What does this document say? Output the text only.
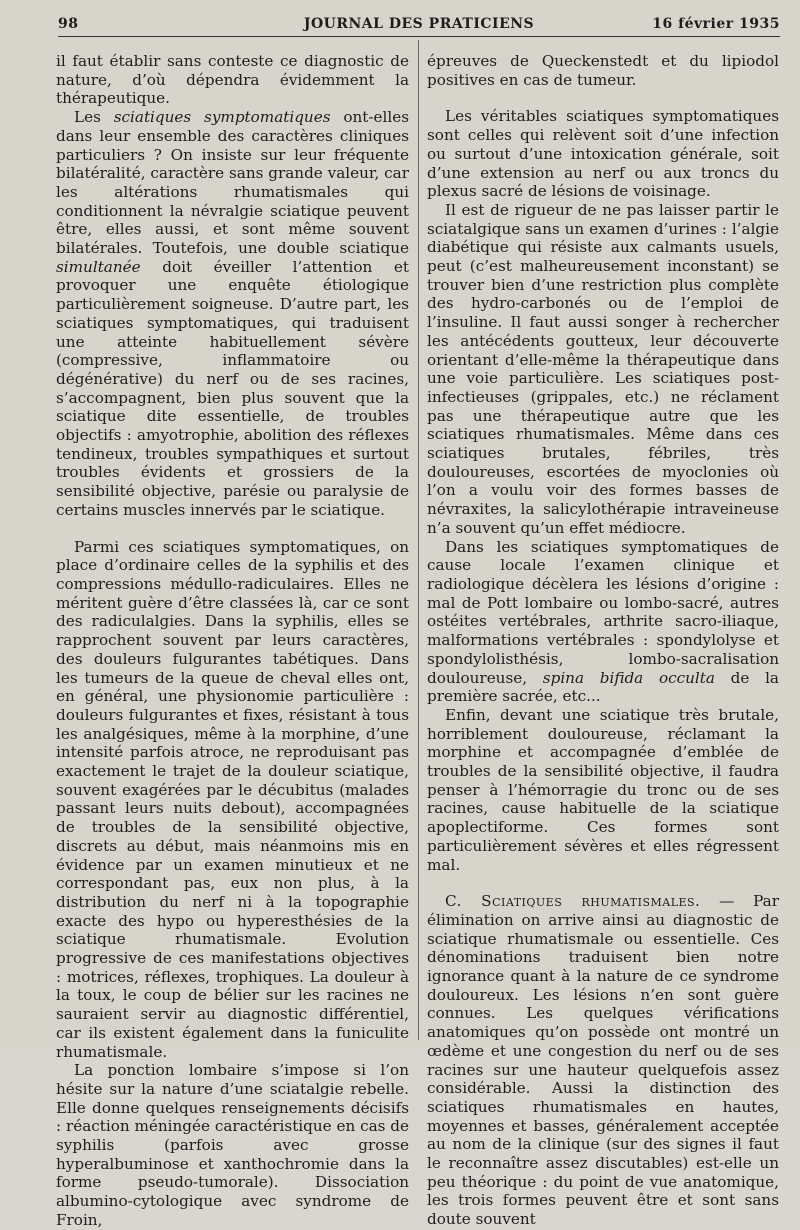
98	JOURNAL DES PRATICIENS	16 février 1935

il faut établir sans conteste ce diagnostic de nature, d’où dépendra évidemment la thérapeutique.

Les sciatiques symptomatiques ont-elles dans leur ensemble des caractères cliniques particuliers ? On insiste sur leur fréquente bilatéralité, caractère sans grande valeur, car les altérations rhumatismales qui conditionnent la névralgie sciatique peuvent être, elles aussi, et sont même souvent bilatérales. Toutefois, une double sciatique simultanée doit éveiller l’attention et provoquer une enquête étiologique particulièrement soigneuse. D’autre part, les sciatiques symptomatiques, qui traduisent une atteinte habituellement sévère (compressive, inflammatoire ou dégénérative) du nerf ou de ses racines, s’accompagnent, bien plus souvent que la sciatique dite essentielle, de troubles objectifs : amyotrophie, abolition des réflexes tendineux, troubles sympathiques et surtout troubles évidents et grossiers de la sensibilité objective, parésie ou paralysie de certains muscles innervés par le sciatique.

Parmi ces sciatiques symptomatiques, on place d’ordinaire celles de la syphilis et des compressions médullo-radiculaires. Elles ne méritent guère d’être classées là, car ce sont des radiculalgies. Dans la syphilis, elles se rapprochent souvent par leurs caractères, des douleurs fulgurantes tabétiques. Dans les tumeurs de la queue de cheval elles ont, en général, une physionomie particulière : douleurs fulgurantes et fixes, résistant à tous les analgésiques, même à la morphine, d’une intensité parfois atroce, ne reproduisant pas exactement le trajet de la douleur sciatique, souvent exagérées par le décubitus (malades passant leurs nuits debout), accompagnées de troubles de la sensibilité objective, discrets au début, mais néanmoins mis en évidence par un examen minutieux et ne correspondant pas, eux non plus, à la distribution du nerf ni à la topographie exacte des hypo ou hyperesthésies de la sciatique rhumatismale. Evolution progressive de ces manifestations objectives : motrices, réflexes, trophiques. La douleur à la toux, le coup de bélier sur les racines ne sauraient servir au diagnostic différentiel, car ils existent également dans la funiculite rhumatismale.

La ponction lombaire s’impose si l’on hésite sur la nature d’une sciatalgie rebelle. Elle donne quelques renseignements décisifs : réaction méningée caractéristique en cas de syphilis (parfois avec grosse hyperalbuminose et xanthochromie dans la forme pseudo-tumorale). Dissociation albumino-cytologique avec syndrome de Froin,

épreuves de Queckenstedt et du lipiodol positives en cas de tumeur.

Les véritables sciatiques symptomatiques sont celles qui relèvent soit d’une infection ou surtout d’une intoxication générale, soit d’une extension au nerf ou aux troncs du plexus sacré de lésions de voisinage.

Il est de rigueur de ne pas laisser partir le sciatalgique sans un examen d’urines : l’algie diabétique qui résiste aux calmants usuels, peut (c’est malheureusement inconstant) se trouver bien d’une restriction plus complète des hydro-carbonés ou de l’emploi de l’insuline. Il faut aussi songer à rechercher les antécédents goutteux, leur découverte orientant d’elle-même la thérapeutique dans une voie particulière. Les sciatiques post-infectieuses (grippales, etc.) ne réclament pas une thérapeutique autre que les sciatiques rhumatismales. Même dans ces sciatiques brutales, fébriles, très douloureuses, escortées de myoclonies où l’on a voulu voir des formes basses de névraxites, la salicylothérapie intraveineuse n’a souvent qu’un effet médiocre.

Dans les sciatiques symptomatiques de cause locale l’examen clinique et radiologique décèlera les lésions d’origine : mal de Pott lombaire ou lombo-sacré, autres ostéites vertébrales, arthrite sacro-iliaque, malformations vertébrales : spondylolyse et spondylolisthésis, lombo-sacralisation douloureuse, spina bifida occulta de la première sacrée, etc...

Enfin, devant une sciatique très brutale, horriblement douloureuse, réclamant la morphine et accompagnée d’emblée de troubles de la sensibilité objective, il faudra penser à l’hémorragie du tronc ou de ses racines, cause habituelle de la sciatique apoplectiforme. Ces formes sont particulièrement sévères et elles régressent mal.

C. Sciatiques rhumatismales. — Par élimination on arrive ainsi au diagnostic de sciatique rhumatismale ou essentielle. Ces dénominations traduisent bien notre ignorance quant à la nature de ce syndrome douloureux. Les lésions n’en sont guère connues. Les quelques vérifications anatomiques qu’on possède ont montré un œdème et une congestion du nerf ou de ses racines sur une hauteur quelquefois assez considérable. Aussi la distinction des sciatiques rhumatismales en hautes, moyennes et basses, généralement acceptée au nom de la clinique (sur des signes il faut le reconnaître assez discutables) est-elle un peu théorique : du point de vue anatomique, les trois formes peuvent être et sont sans doute souvent
